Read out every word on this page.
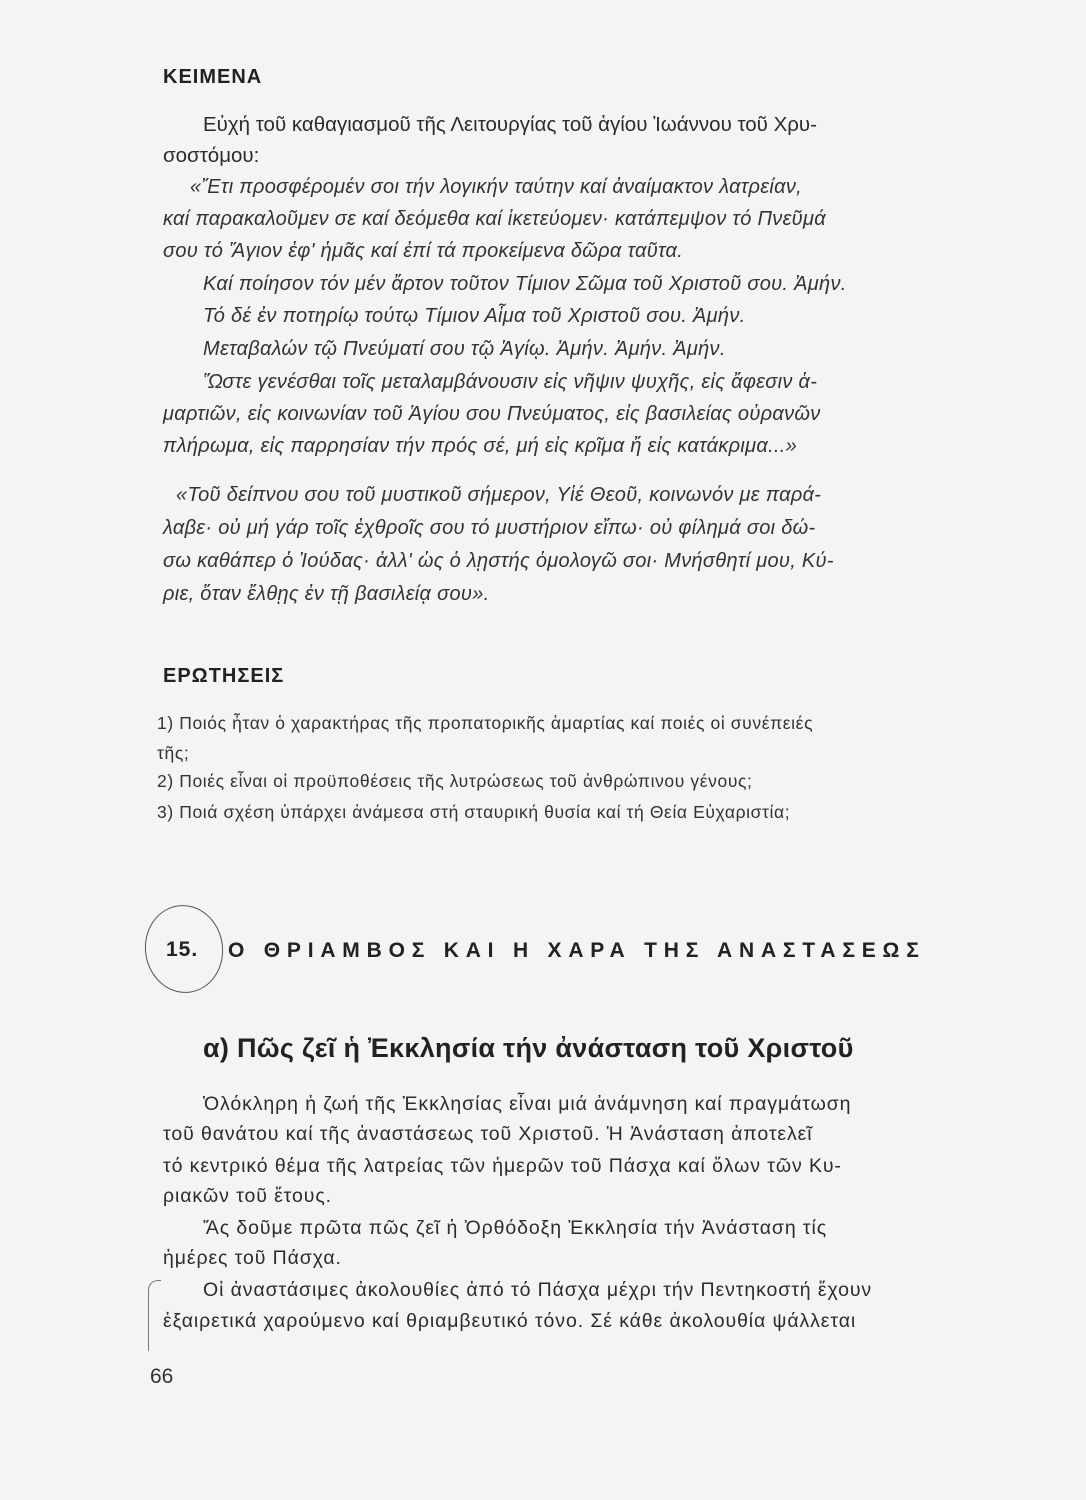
ΚΕΙΜΕΝΑ
Εὐχή τοῦ καθαγιασμοῦ τῆς Λειτουργίας τοῦ ἁγίου Ἰωάννου τοῦ Χρυ-
σοστόμου:
«Ἔτι προσφέρομέν σοι τήν λογικήν ταύτην καί ἀναίμακτον λατρείαν,
καί παρακαλοῦμεν σε καί δεόμεθα καί ἱκετεύομεν· κατάπεμψον τό Πνεῦμά
σου τό Ἅγιον ἐφ' ἡμᾶς καί ἐπί τά προκείμενα δῶρα ταῦτα.
Καί ποίησον τόν μέν ἄρτον τοῦτον Τίμιον Σῶμα τοῦ Χριστοῦ σου. Ἀμήν.
Τό δέ ἐν ποτηρίῳ τούτῳ Τίμιον Αἷμα τοῦ Χριστοῦ σου. Ἀμήν.
Μεταβαλών τῷ Πνεύματί σου τῷ Ἁγίῳ. Ἀμήν. Ἀμήν. Ἀμήν.
Ὥστε γενέσθαι τοῖς μεταλαμβάνουσιν εἰς νῆψιν ψυχῆς, εἰς ἄφεσιν ἁ-
μαρτιῶν, εἰς κοινωνίαν τοῦ Ἁγίου σου Πνεύματος, εἰς βασιλείας οὐρανῶν
πλήρωμα, εἰς παρρησίαν τήν πρός σέ, μή εἰς κρῖμα ἤ εἰς κατάκριμα...»
«Τοῦ δείπνου σου τοῦ μυστικοῦ σήμερον, Υἱέ Θεοῦ, κοινωνόν με παρά-
λαβε· οὐ μή γάρ τοῖς ἐχθροῖς σου τό μυστήριον εἴπω· οὐ φίλημά σοι δώ-
σω καθάπερ ὁ Ἰούδας· ἀλλ' ὡς ὁ λῃστής ὁμολογῶ σοι· Μνήσθητί μου, Κύ-
ριε, ὅταν ἔλθῃς ἐν τῇ βασιλείᾳ σου».
ΕΡΩΤΗΣΕΙΣ
1) Ποιός ἦταν ὁ χαρακτήρας τῆς προπατορικῆς ἁμαρτίας καί ποιές οἱ συνέπειές
τῆς;
2) Ποιές εἶναι οἱ προϋποθέσεις τῆς λυτρώσεως τοῦ ἀνθρώπινου γένους;
3) Ποιά σχέση ὑπάρχει ἀνάμεσα στή σταυρική θυσία καί τή Θεία Εὐχαριστία;
15. Ο ΘΡΙΑΜΒΟΣ ΚΑΙ Η ΧΑΡΑ ΤΗΣ ΑΝΑΣΤΑΣΕΩΣ
α) Πῶς ζεῖ ἡ Ἐκκλησία τήν ἀνάσταση τοῦ Χριστοῦ
Ὁλόκληρη ἡ ζωή τῆς Ἐκκλησίας εἶναι μιά ἀνάμνηση καί πραγμάτωση
τοῦ θανάτου καί τῆς ἀναστάσεως τοῦ Χριστοῦ. Ἡ Ἀνάσταση ἀποτελεῖ
τό κεντρικό θέμα τῆς λατρείας τῶν ἡμερῶν τοῦ Πάσχα καί ὅλων τῶν Κυ-
ριακῶν τοῦ ἔτους.
Ἄς δοῦμε πρῶτα πῶς ζεῖ ἡ Ὀρθόδοξη Ἐκκλησία τήν Ἀνάσταση τίς
ἡμέρες τοῦ Πάσχα.
Οἱ ἀναστάσιμες ἀκολουθίες ἀπό τό Πάσχα μέχρι τήν Πεντηκοστή ἔχουν
ἐξαιρετικά χαρούμενο καί θριαμβευτικό τόνο. Σέ κάθε ἀκολουθία ψάλλεται
66
